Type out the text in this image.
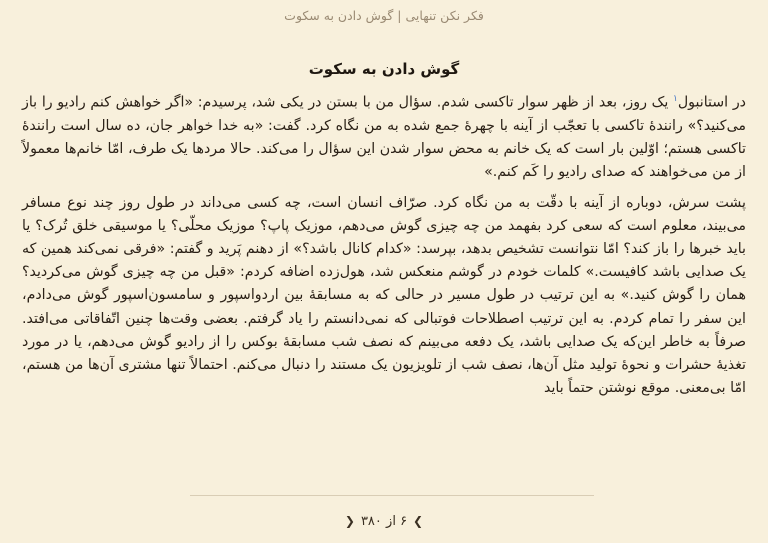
فکر نکن تنهایی | گوش دادن به سکوت
گوش دادن به سکوت

در استانبول$^۱$ یک روز، بعد از ظهر سوار تاکسی شدم. سؤال من با بستن در یکی شد، پرسیدم: «اگر خواهش کنم رادیو را باز می‌کنید؟» رانندهٔ تاکسی با تعجّب از آینه با چهرهٔ جمع شده به من نگاه کرد. گفت: «به خدا خواهر جان، ده سال است رانندهٔ تاکسی هستم؛ اوّلین بار است که یک خانم به محض سوار شدن این سؤال را می‌کند. حالا مردها یک طرف، امّا خانم‌ها معمولاً از من می‌خواهند که صدای رادیو را کَم کنم.»

پشت سرش، دوباره از آینه با دقّت به من نگاه کرد. صرّاف انسان است، چه کسی می‌داند در طول روز چند نوع مسافر می‌بیند، معلوم است که سعی کرد بفهمد من چه چیزی گوش می‌دهم، موزیک پاپ؟ موزیک محلّی؟ یا موسیقی خلق تُرک؟ یا باید خبرها را باز کند؟ امّا نتوانست تشخیص بدهد، بپرسد: «کدام کانال باشد؟» از دهنم پَرید و گفتم: «فرقی نمی‌کند همین که یک صدایی باشد کافیست.» کلمات خودم در گوشم منعکس شد، هول‌زده اضافه کردم: «قبل من چه چیزی گوش می‌کردید؟ همان را گوش کنید.» به این ترتیب در طول مسیر در حالی که به مسابقهٔ بین اردواسپور و سامسون‌اسپور گوش می‌دادم، این سفر را تمام کردم. به این ترتیب اصطلاحات فوتبالی که نمی‌دانستم را یاد گرفتم. بعضی وقت‌ها چنین اتّفاقاتی می‌افتد. صرفاً به خاطر این‌که یک صدایی باشد، یک دفعه می‌بینم که نصف شب مسابقهٔ بوکس را از رادیو گوش می‌دهم، یا در مورد تغذیهٔ حشرات و نحوهٔ تولید مثل آن‌ها، نصف شب از تلویزیون یک مستند را دنبال می‌کنم. احتمالاً تنها مشتری آن‌ها من هستم، امّا بی‌معنی. موقع نوشتن حتماً باید

❯۶ از ۳۸۰❮
